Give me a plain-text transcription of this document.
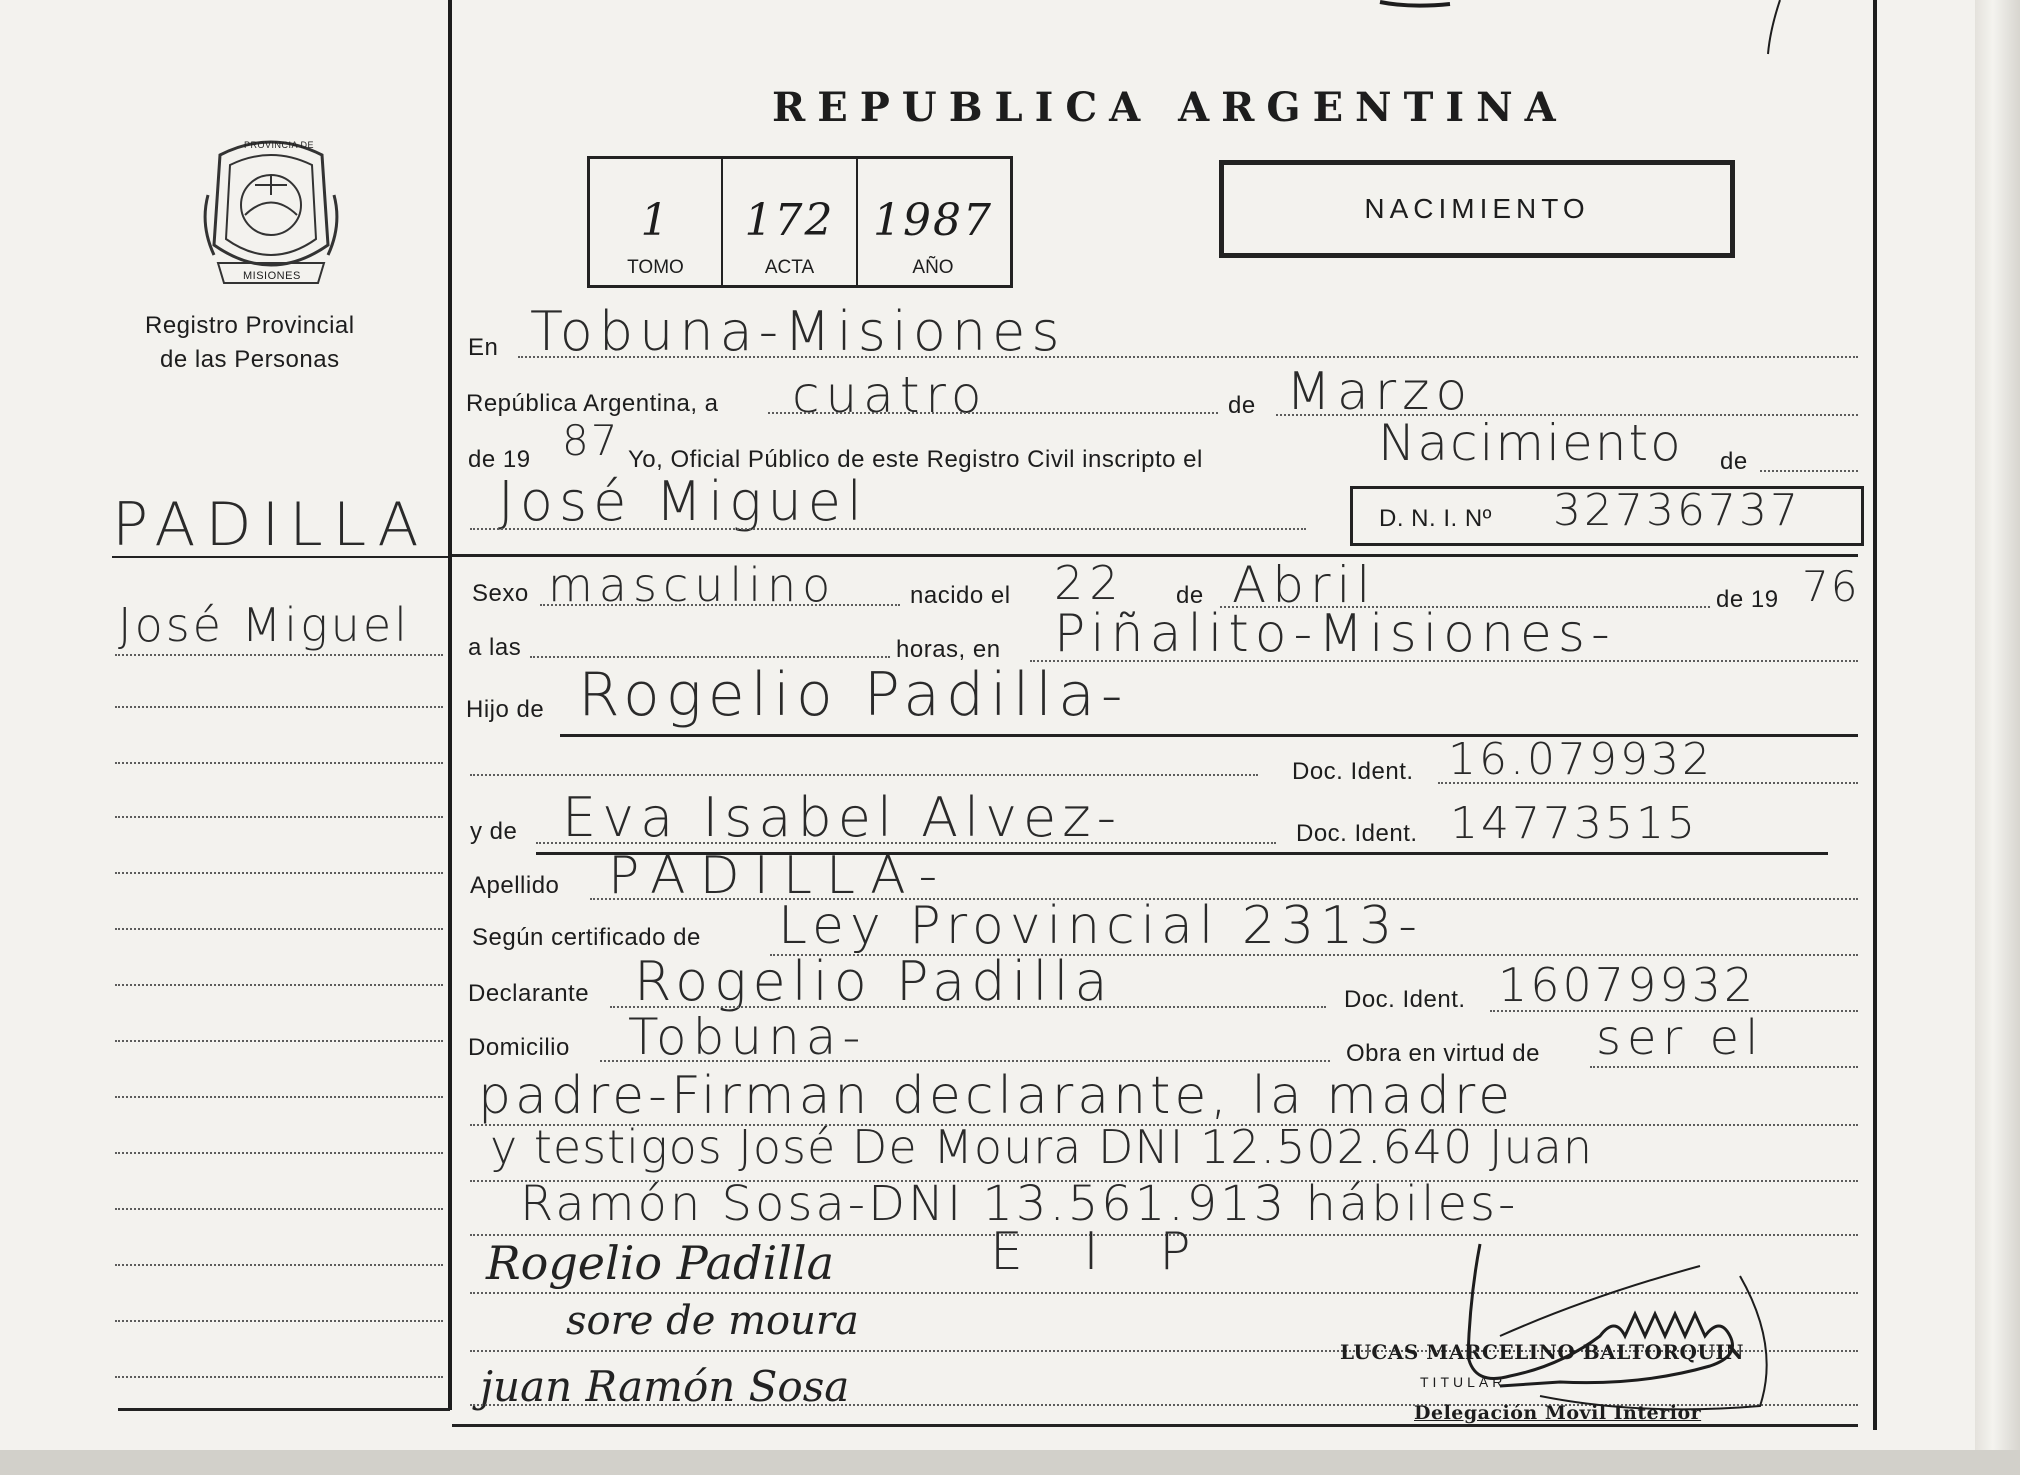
PROVINCIA DE
MISIONES
Registro Provincial
de las Personas
PADILLA
José Miguel
REPUBLICA ARGENTINA
1
TOMO
172
ACTA
1987
AÑO
NACIMIENTO
En Tobuna-Misiones
República Argentina, a cuatro	de Marzo
de 19 87 Yo, Oficial Público de este Registro Civil inscripto el	Nacimiento de
José Miguel	D. N. I. Nº 32736737
Sexo masculino	nacido el 22 de Abril	de 19 76
a las	horas, en Piñalito-Misiones-
Hijo de Rogelio Padilla-
Doc. Ident. 16.079932
y de Eva Isabel Alvez-	Doc. Ident. 14773515
Apellido PADILLA-
Según certificado de Ley Provincial 2313-
Declarante Rogelio Padilla	Doc. Ident. 16079932
Domicilio Tobuna-	Obra en virtud de ser el
padre-Firman declarante, la madre
y testigos José De Moura DNI 12.502.640 Juan
Ramón Sosa-DNI 13.561.913 hábiles-
Rogelio Padilla	E I P
sore de moura
juan Ramón Sosa
LUCAS MARCELINO BALTORQUIN
TITULAR
Delegación Movil Interior
